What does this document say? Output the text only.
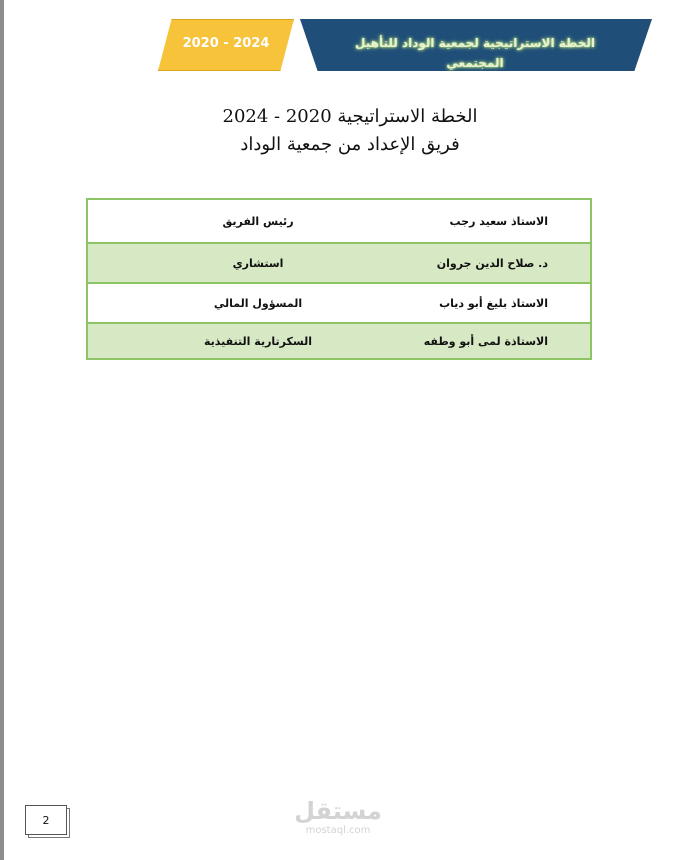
الخطة الاستراتيجية لجمعية الوداد للتأهيل المجتمعي
2020 - 2024
الخطة الاستراتيجية 2020 - 2024
فريق الإعداد من جمعية الوداد
الاستاذ سعيد رجب
رئيس الفريق
د. صلاح الدين جروان
استشاري
الاستاذ بليغ أبو دياب
المسؤول المالي
الاستاذة لمى أبو وطفه
السكرتارية التنفيذية
2	مستقل
mostaql.com
